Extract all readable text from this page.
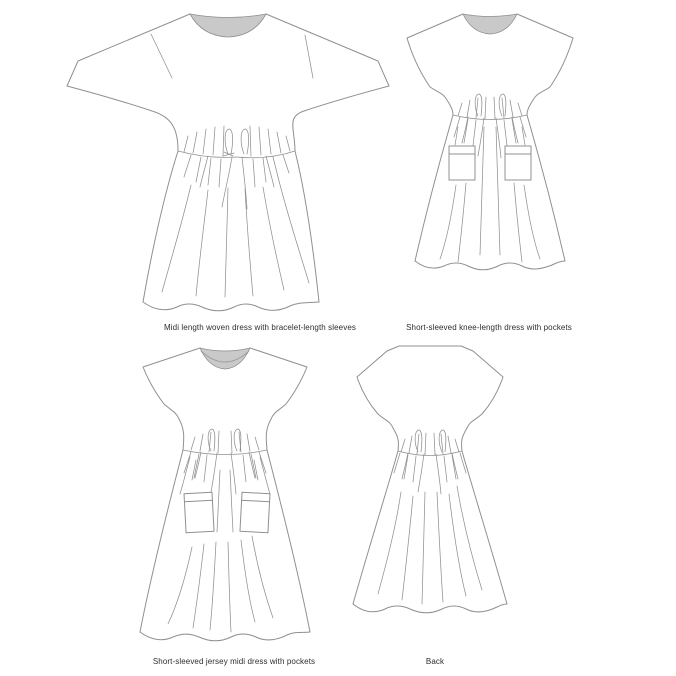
Midi length woven dress with bracelet-length sleeves	Short-sleeved knee-length dress with pockets
Short-sleeved jersey midi dress with pockets	Back
